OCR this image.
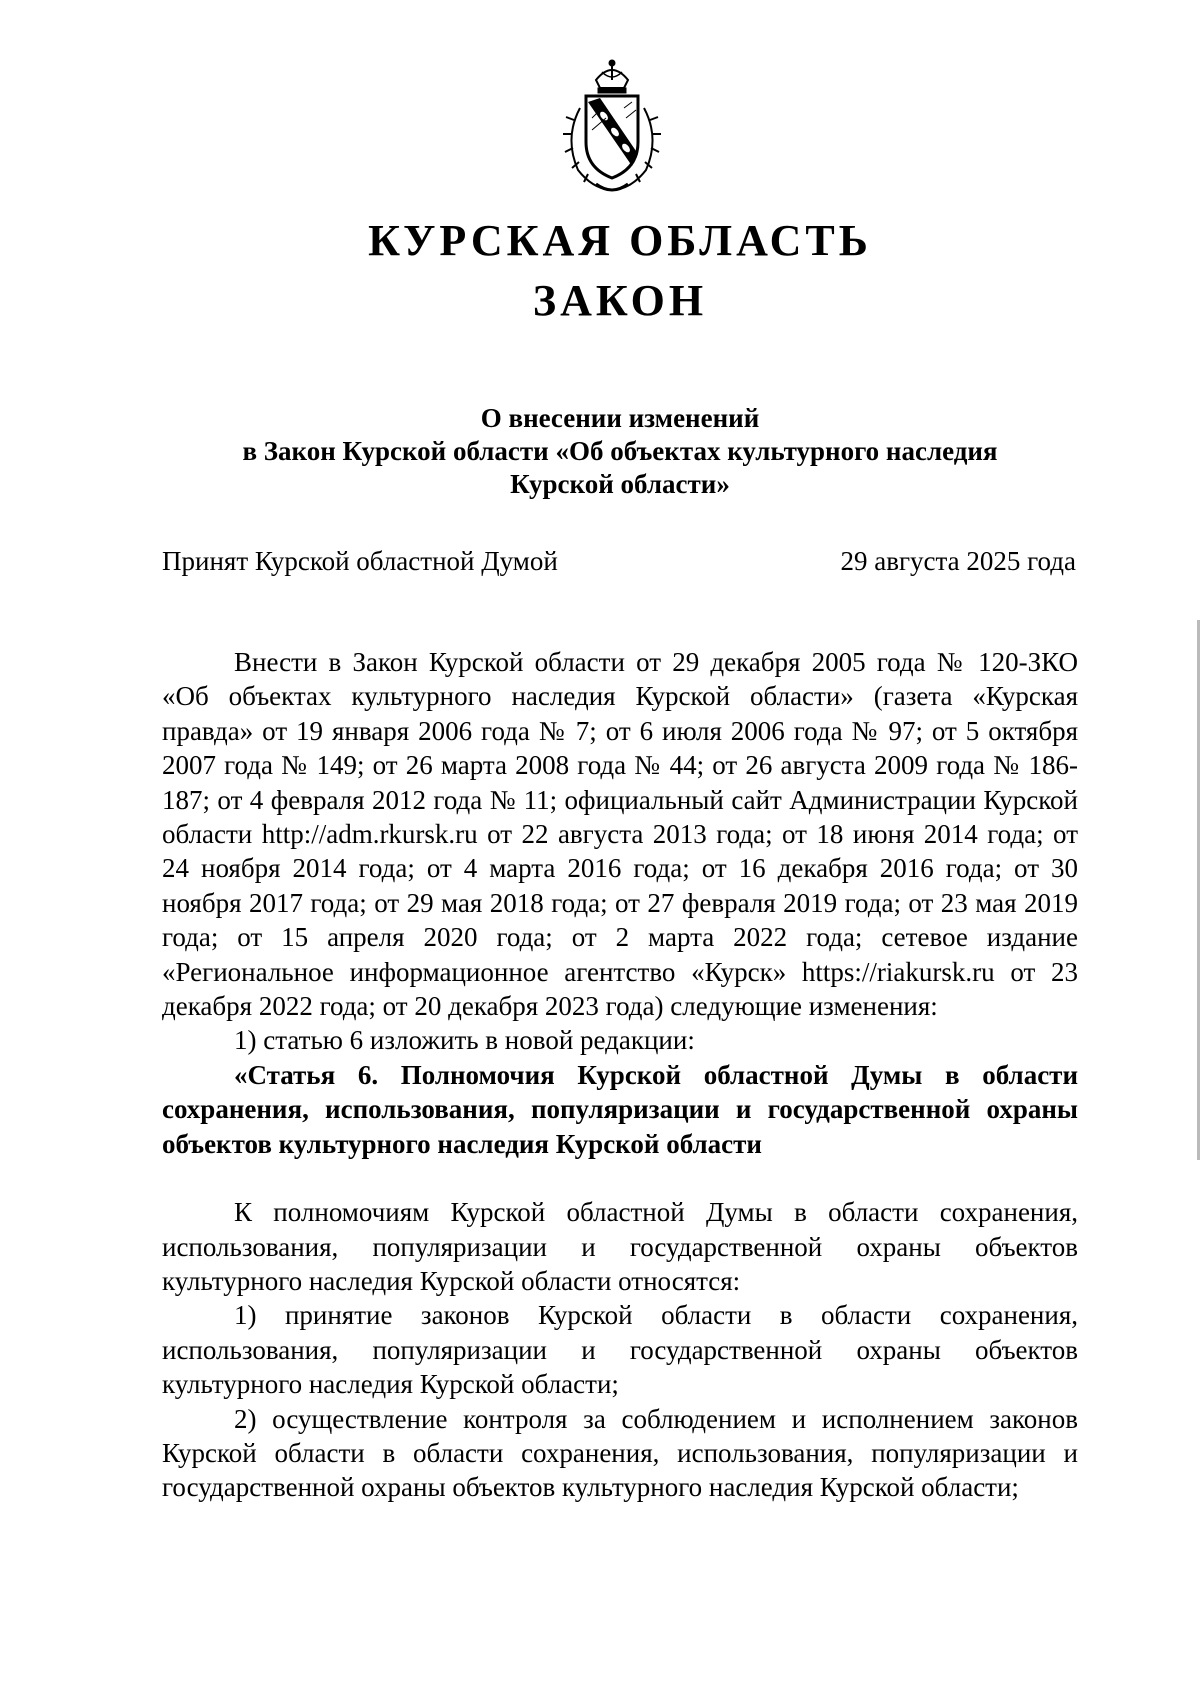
КУРСКАЯ ОБЛАСТЬ
ЗАКОН
О внесении изменений
в Закон Курской области «Об объектах культурного наследия
Курской области»
Принят Курской областной Думой	29 августа 2025 года

Внести в Закон Курской области от 29 декабря 2005 года № 120-ЗКО «Об объектах культурного наследия Курской области» (газета «Курская правда» от 19 января 2006 года № 7; от 6 июля 2006 года № 97; от 5 октября 2007 года № 149; от 26 марта 2008 года № 44; от 26 августа 2009 года № 186-187; от 4 февраля 2012 года № 11; официальный сайт Администрации Курской области http://adm.rkursk.ru от 22 августа 2013 года; от 18 июня 2014 года; от 24 ноября 2014 года; от 4 марта 2016 года; от 16 декабря 2016 года; от 30 ноября 2017 года; от 29 мая 2018 года; от 27 февраля 2019 года; от 23 мая 2019 года; от 15 апреля 2020 года; от 2 марта 2022 года; сетевое издание «Региональное информационное агентство «Курск» https://riakursk.ru от 23 декабря 2022 года; от 20 декабря 2023 года) следующие изменения:

1) статью 6 изложить в новой редакции:

«Статья 6. Полномочия Курской областной Думы в области сохранения, использования, популяризации и государственной охраны объектов культурного наследия Курской области

К полномочиям Курской областной Думы в области сохранения, использования, популяризации и государственной охраны объектов культурного наследия Курской области относятся:

1) принятие законов Курской области в области сохранения, использования, популяризации и государственной охраны объектов культурного наследия Курской области;

2) осуществление контроля за соблюдением и исполнением законов Курской области в области сохранения, использования, популяризации и государственной охраны объектов культурного наследия Курской области;
